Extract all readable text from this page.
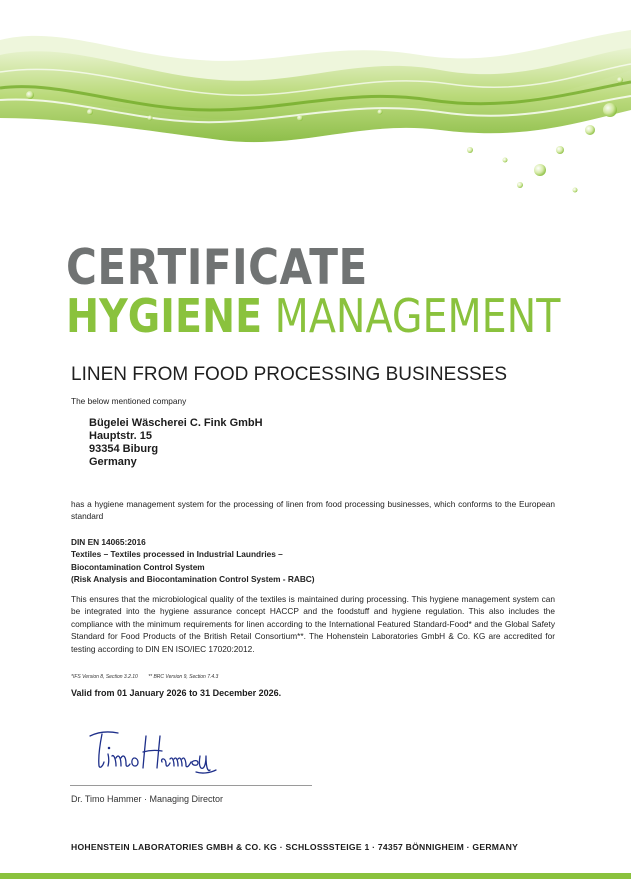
CERTIFICATE
HYGIENE MANAGEMENT
LINEN FROM FOOD PROCESSING BUSINESSES
The below mentioned company
Bügelei Wäscherei C. Fink GmbH
Hauptstr. 15
93354 Biburg
Germany
has a hygiene management system for the processing of linen from food processing businesses, which conforms to the European standard
DIN EN 14065:2016
Textiles – Textiles processed in Industrial Laundries –
Biocontamination Control System
(Risk Analysis and Biocontamination Control System - RABC)
This ensures that the microbiological quality of the textiles is maintained during processing. This hygiene management system can be integrated into the hygiene assurance concept HACCP and the foodstuff and hygiene regulation. This also includes the compliance with the minimum requirements for linen according to the International Featured Standard-Food* and the Global Safety Standard for Food Products of the British Retail Consortium**. The Hohenstein Laboratories GmbH & Co. KG are accredited for testing according to DIN EN ISO/IEC 17020:2012.
*IFS Version 8, Section 3.2.10 ** BRC Version 9, Section 7.4.3
Valid from 01 January 2026 to 31 December 2026.
Dr. Timo Hammer · Managing Director
HOHENSTEIN LABORATORIES GMBH & CO. KG · SCHLOSSSTEIGE 1 · 74357 BÖNNIGHEIM · GERMANY
